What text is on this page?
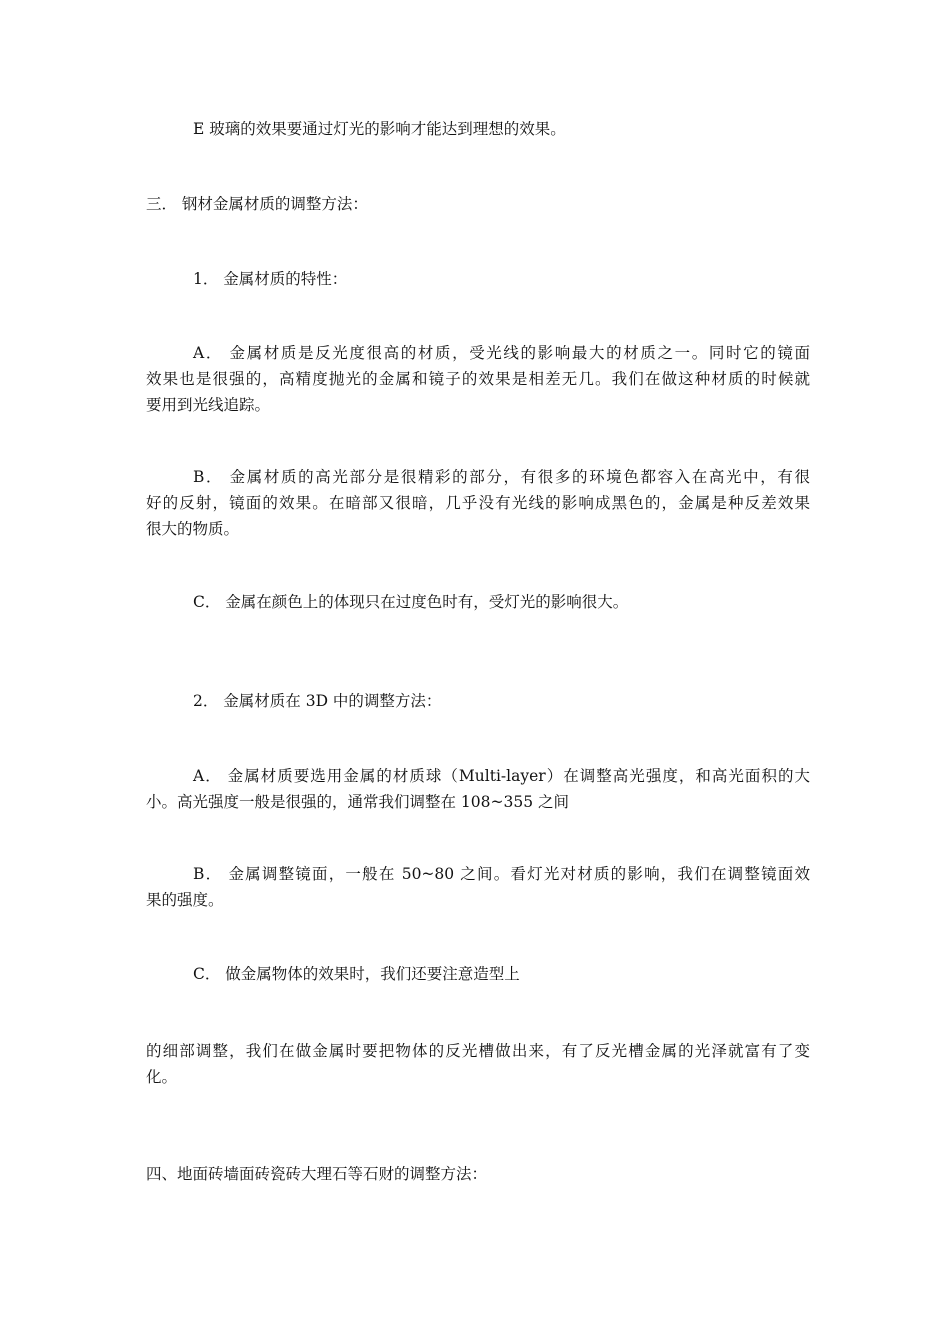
E 玻璃的效果要通过灯光的影响才能达到理想的效果。
三． 钢材金属材质的调整方法：
1． 金属材质的特性：
A． 金属材质是反光度很高的材质，受光线的影响最大的材质之一。同时它的镜面
效果也是很强的，高精度抛光的金属和镜子的效果是相差无几。我们在做这种材质的时候就
要用到光线追踪。
B． 金属材质的高光部分是很精彩的部分，有很多的环境色都容入在高光中，有很
好的反射，镜面的效果。在暗部又很暗，几乎没有光线的影响成黑色的，金属是种反差效果
很大的物质。
C． 金属在颜色上的体现只在过度色时有，受灯光的影响很大。
2． 金属材质在 3D 中的调整方法：
A． 金属材质要选用金属的材质球（Multi-layer）在调整高光强度，和高光面积的大
小。高光强度一般是很强的，通常我们调整在 108~355 之间
B． 金属调整镜面，一般在 50~80 之间。看灯光对材质的影响，我们在调整镜面效
果的强度。
C． 做金属物体的效果时，我们还要注意造型上
的细部调整，我们在做金属时要把物体的反光槽做出来，有了反光槽金属的光泽就富有了变
化。
四、地面砖墙面砖瓷砖大理石等石财的调整方法：
